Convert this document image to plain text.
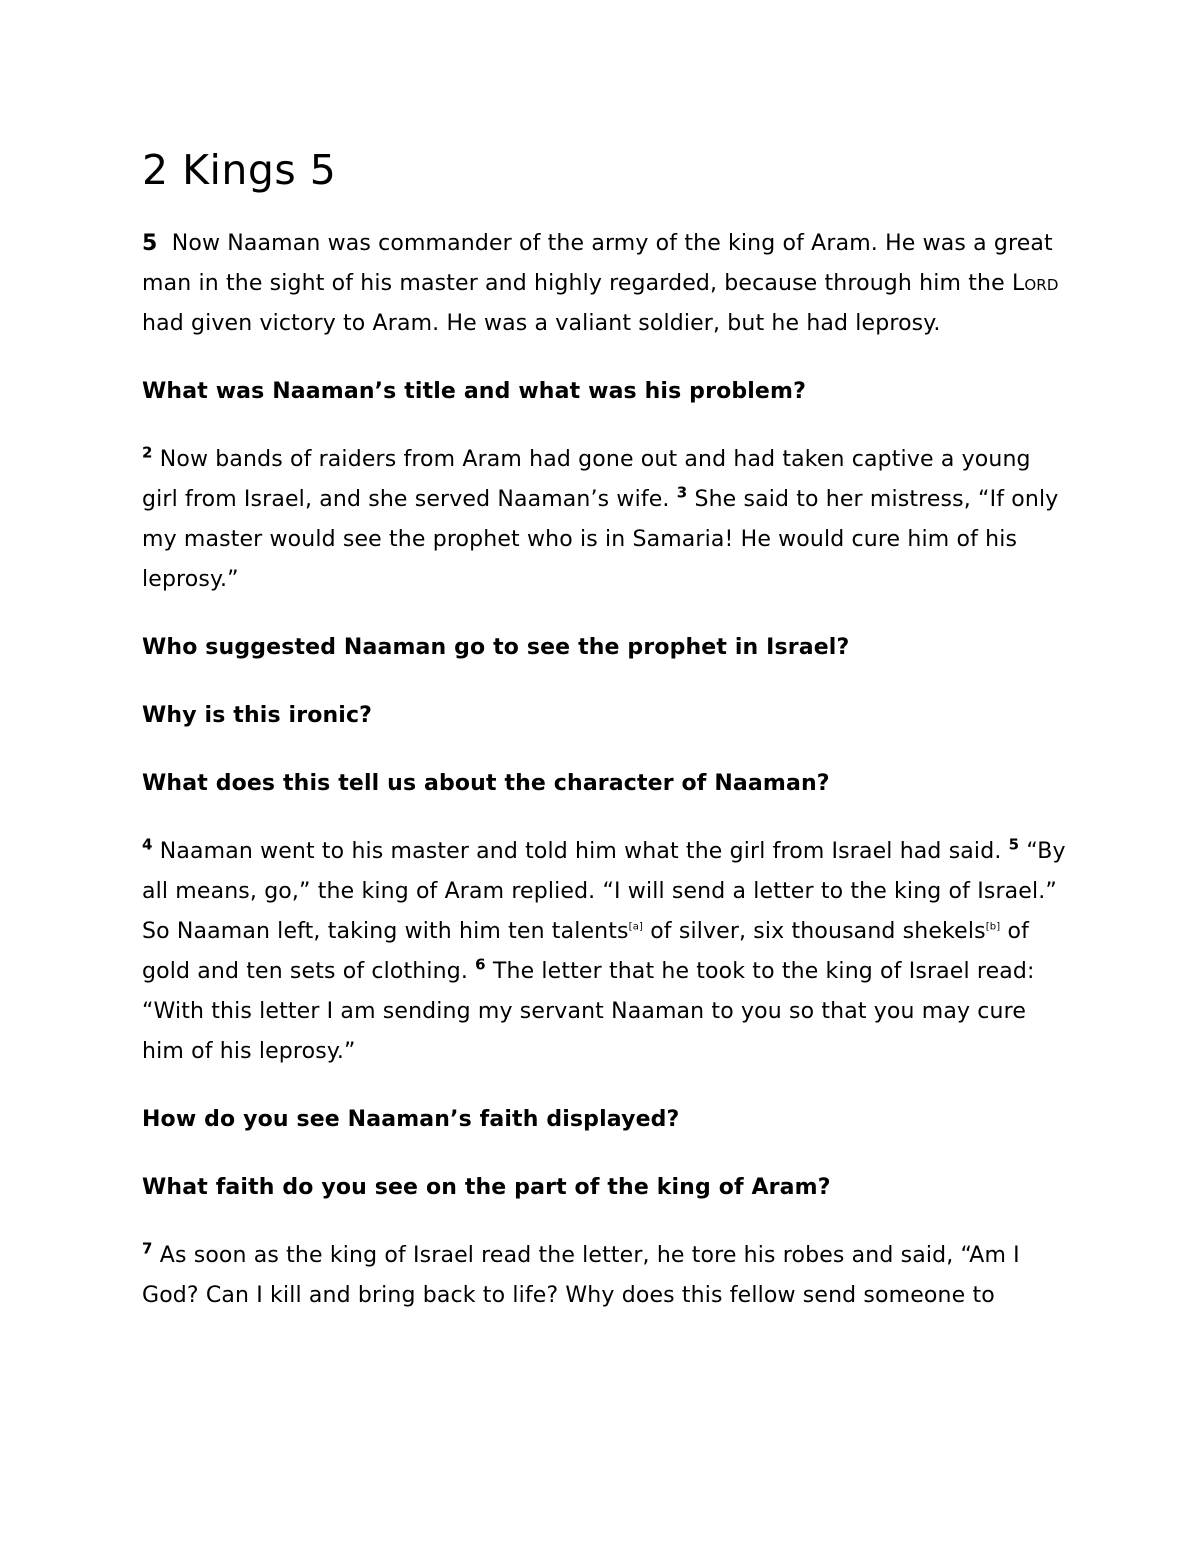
2 Kings 5

5 Now Naaman was commander of the army of the king of Aram. He was a great man in the sight of his master and highly regarded, because through him the Lord had given victory to Aram. He was a valiant soldier, but he had leprosy.

What was Naaman’s title and what was his problem?

$^2$ Now bands of raiders from Aram had gone out and had taken captive a young girl from Israel, and she served Naaman’s wife. $^3$ She said to her mistress, “If only my master would see the prophet who is in Samaria! He would cure him of his leprosy.”

Who suggested Naaman go to see the prophet in Israel?

Why is this ironic?

What does this tell us about the character of Naaman?

$^4$ Naaman went to his master and told him what the girl from Israel had said. $^5$ “By all means, go,” the king of Aram replied. “I will send a letter to the king of Israel.” So Naaman left, taking with him ten talents[a] of silver, six thousand shekels[b] of gold and ten sets of clothing. $^6$ The letter that he took to the king of Israel read: “With this letter I am sending my servant Naaman to you so that you may cure him of his leprosy.”

How do you see Naaman’s faith displayed?

What faith do you see on the part of the king of Aram?

$^7$ As soon as the king of Israel read the letter, he tore his robes and said, “Am I God? Can I kill and bring back to life? Why does this fellow send someone to
